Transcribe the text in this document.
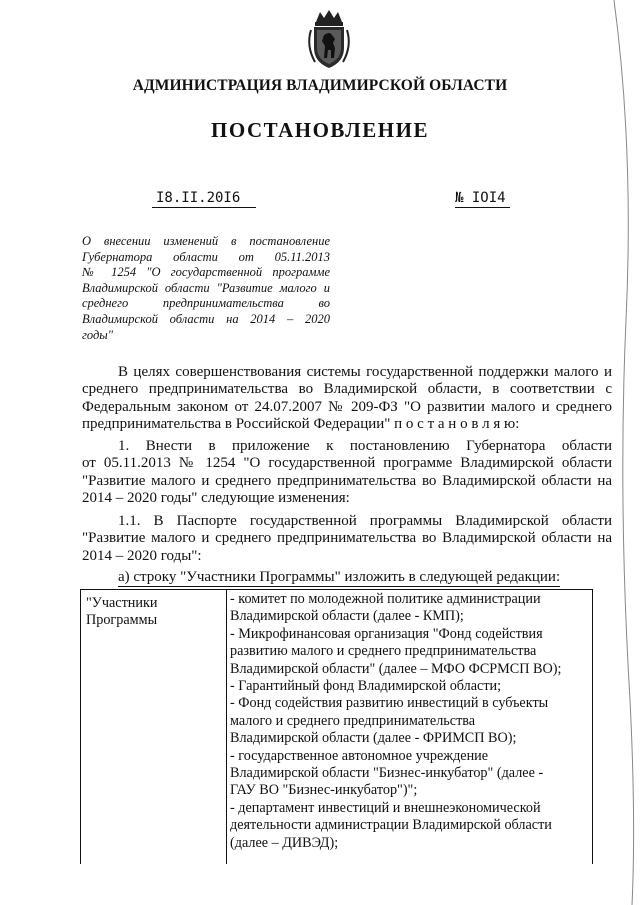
АДМИНИСТРАЦИЯ ВЛАДИМИРСКОЙ ОБЛАСТИ
ПОСТАНОВЛЕНИЕ
I8.II.20I6	№ IOI4
О внесении изменений в постановление
Губернатора области от 05.11.2013
№ 1254 "О государственной программе
Владимирской области "Развитие малого и
среднего предпринимательства во
Владимирской области на 2014 – 2020
годы"
В целях совершенствования системы государственной поддержки малого и
среднего предпринимательства во Владимирской области, в соответствии с
Федеральным законом от 24.07.2007 № 209-ФЗ "О развитии малого и среднего
предпринимательства в Российской Федерации" п о с т а н о в л я ю:
1. Внести в приложение к постановлению Губернатора области
от 05.11.2013 № 1254 "О государственной программе Владимирской области
"Развитие малого и среднего предпринимательства во Владимирской области на
2014 – 2020 годы" следующие изменения:
1.1. В Паспорте государственной программы Владимирской области
"Развитие малого и среднего предпринимательства во Владимирской области на
2014 – 2020 годы":
а) строку "Участники Программы" изложить в следующей редакции:
"Участники
Программы
- комитет по молодежной политике администрации
Владимирской области (далее - КМП);
- Микрофинансовая организация "Фонд содействия
развитию малого и среднего предпринимательства
Владимирской области" (далее – МФО ФСРМСП ВО);
- Гарантийный фонд Владимирской области;
- Фонд содействия развитию инвестиций в субъекты
малого и среднего предпринимательства
Владимирской области (далее - ФРИМСП ВО);
- государственное автономное учреждение
Владимирской области "Бизнес-инкубатор" (далее -
ГАУ ВО "Бизнес-инкубатор")";
- департамент инвестиций и внешнеэкономической
деятельности администрации Владимирской области
(далее – ДИВЭД);
